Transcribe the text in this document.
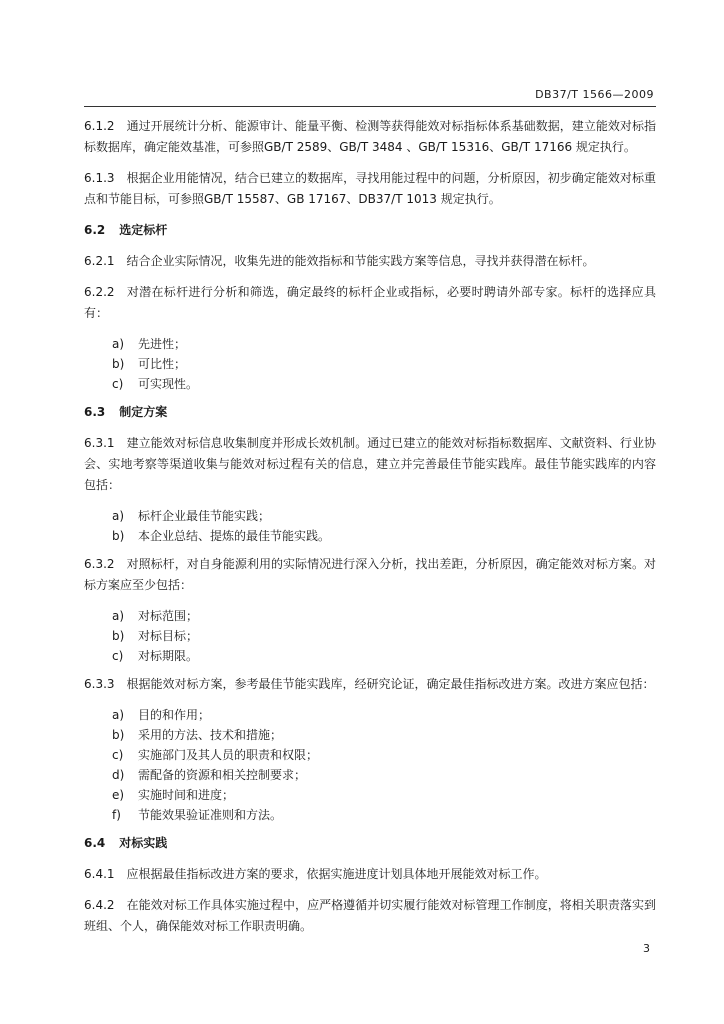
DB37/T 1566—2009

6.1.2 通过开展统计分析、能源审计、能量平衡、检测等获得能效对标指标体系基础数据，建立能效对标指标数据库，确定能效基准，可参照GB/T 2589、GB/T 3484 、GB/T 15316、GB/T 17166 规定执行。

6.1.3 根据企业用能情况，结合已建立的数据库，寻找用能过程中的问题，分析原因，初步确定能效对标重点和节能目标，可参照GB/T 15587、GB 17167、DB37/T 1013 规定执行。

6.2 选定标杆

6.2.1 结合企业实际情况，收集先进的能效指标和节能实践方案等信息，寻找并获得潜在标杆。

6.2.2 对潜在标杆进行分析和筛选，确定最终的标杆企业或指标，必要时聘请外部专家。标杆的选择应具有：

a)	先进性；
b)	可比性；
c)	可实现性。

6.3 制定方案

6.3.1 建立能效对标信息收集制度并形成长效机制。通过已建立的能效对标指标数据库、文献资料、行业协会、实地考察等渠道收集与能效对标过程有关的信息，建立并完善最佳节能实践库。最佳节能实践库的内容包括：

a)	标杆企业最佳节能实践；
b)	本企业总结、提炼的最佳节能实践。

6.3.2 对照标杆，对自身能源利用的实际情况进行深入分析，找出差距，分析原因，确定能效对标方案。对标方案应至少包括：

a)	对标范围；
b)	对标目标；
c)	对标期限。

6.3.3 根据能效对标方案，参考最佳节能实践库，经研究论证，确定最佳指标改进方案。改进方案应包括：

a)	目的和作用；
b)	采用的方法、技术和措施；
c)	实施部门及其人员的职责和权限；
d)	需配备的资源和相关控制要求；
e)	实施时间和进度；
f)	节能效果验证准则和方法。

6.4 对标实践

6.4.1 应根据最佳指标改进方案的要求，依据实施进度计划具体地开展能效对标工作。

6.4.2 在能效对标工作具体实施过程中，应严格遵循并切实履行能效对标管理工作制度，将相关职责落实到班组、个人，确保能效对标工作职责明确。

3
